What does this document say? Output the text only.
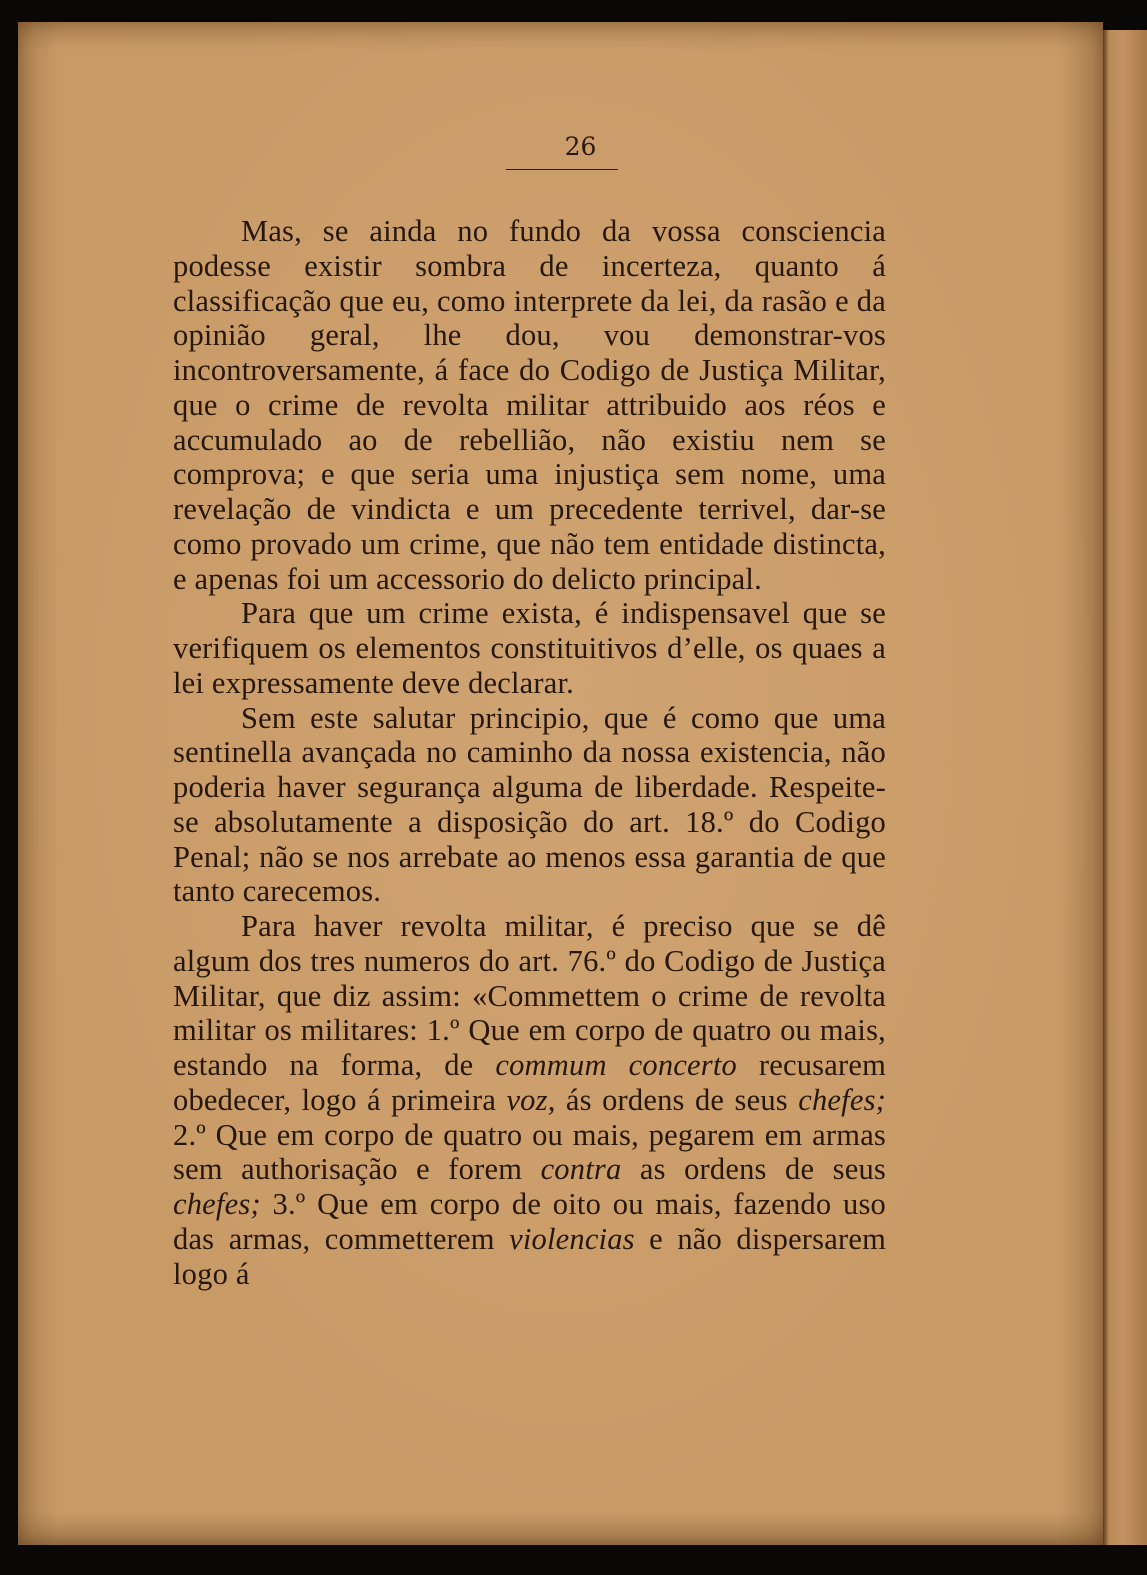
26

Mas, se ainda no fundo da vossa consciencia podesse existir sombra de incerteza, quanto á classificação que eu, como interprete da lei, da rasão e da opinião geral, lhe dou, vou demonstrar-vos incontroversamente, á face do Codigo de Justiça Militar, que o crime de revolta militar attribuido aos réos e accumulado ao de rebellião, não existiu nem se comprova; e que seria uma injustiça sem nome, uma revelação de vindicta e um precedente terrivel, dar-se como provado um crime, que não tem entidade distincta, e apenas foi um accessorio do delicto principal.

Para que um crime exista, é indispensavel que se verifiquem os elementos constituitivos d’elle, os quaes a lei expressamente deve declarar.

Sem este salutar principio, que é como que uma sentinella avançada no caminho da nossa existencia, não poderia haver segurança alguma de liberdade. Respeite-se absolutamente a disposição do art. 18.º do Codigo Penal; não se nos arrebate ao menos essa garantia de que tanto carecemos.

Para haver revolta militar, é preciso que se dê algum dos tres numeros do art. 76.º do Codigo de Justiça Militar, que diz assim: «Commettem o crime de revolta militar os militares: 1.º Que em corpo de quatro ou mais, estando na forma, de commum concerto recusarem obedecer, logo á primeira voz, ás ordens de seus chefes; 2.º Que em corpo de quatro ou mais, pegarem em armas sem authorisação e forem contra as ordens de seus chefes; 3.º Que em corpo de oito ou mais, fazendo uso das armas, commetterem violencias e não dispersarem logo á
